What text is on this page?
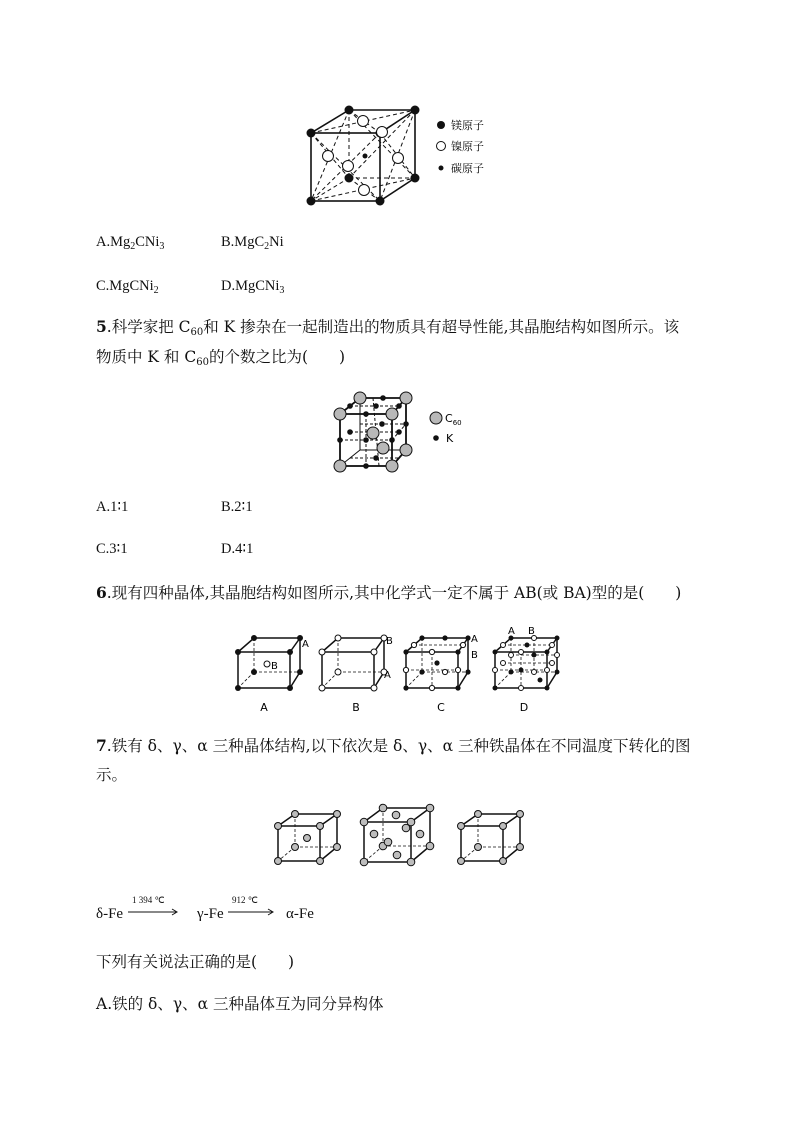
镁原子
镍原子
碳原子
$A.Mg_2CNi_3$	B.MgC$_2$Ni
C.MgCNi$_2$	D.MgCNi$_3$
5.科学家把 $C_{60}$和 K 掺杂在一起制造出的物质具有超导性能,其晶胞结构如图所示。该
物质中 K 和 $C_{60}$的个数之比为(　　)
$C_{60}$
K
A.1∶1	B.2∶1
C.3∶1	D.4∶1
6.现有四种晶体,其晶胞结构如图所示,其中化学式一定不属于 AB(或 BA)型的是(　　)
A
B
B
A
A
B
A B
A	B	C	D
7.铁有 δ、γ、α 三种晶体结构,以下依次是 δ、γ、α 三种铁晶体在不同温度下转化的图
示。
δ-Fe
1 394 ℃
γ-Fe
912 ℃
α-Fe
下列有关说法正确的是(　　)
A.铁的 δ、γ、α 三种晶体互为同分异构体
